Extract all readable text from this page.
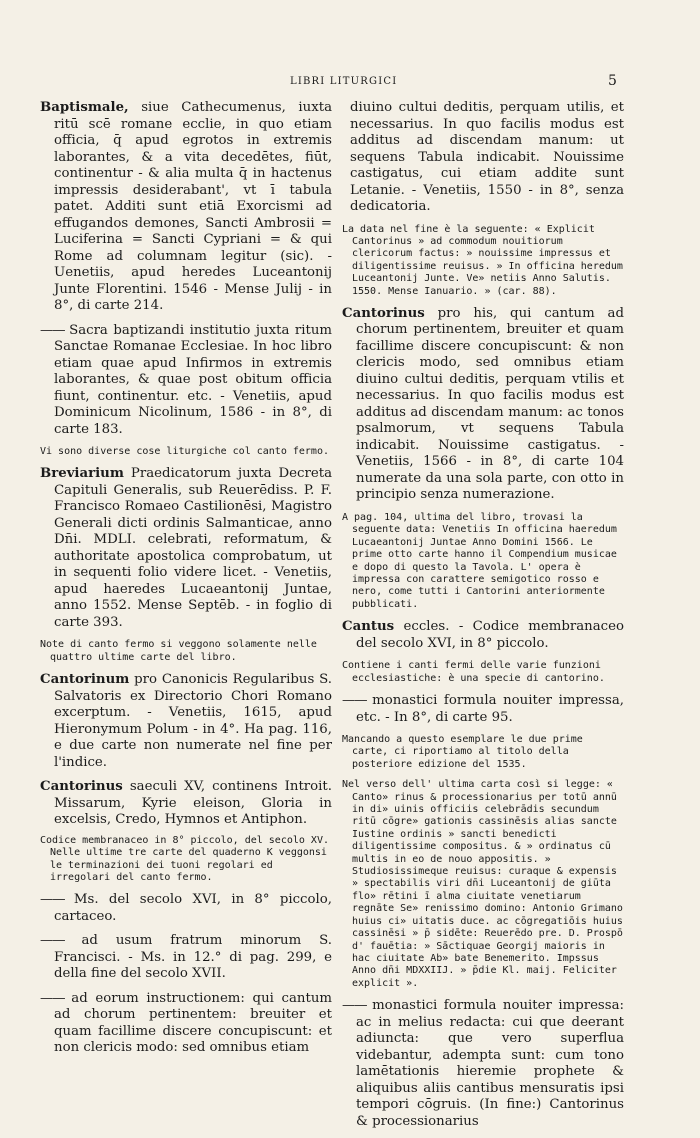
LIBRI LITURGICI	5

Baptismale, siue Cathecumenus, iuxta ritū scē romane ecclie, in quo etiam officia, q̄ apud egrotos in extremis laborantes, & a vita decedētes, fiūt, continentur - & alia multa q̄ in hactenus impressis desiderabant', vt ī tabula patet. Additi sunt etiā Exorcismi ad effugandos demones, Sancti Ambrosii = Luciferina = Sancti Cypriani = & qui Rome ad columnam legitur (sic). - Uenetiis, apud heredes Luceantonij Junte Florentini. 1546 - Mense Julij - in 8°, di carte 214.

—— Sacra baptizandi institutio juxta ritum Sanctae Romanae Ecclesiae. In hoc libro etiam quae apud Infirmos in extremis laborantes, & quae post obitum officia fiunt, continentur. etc. - Venetiis, apud Dominicum Nicolinum, 1586 - in 8°, di carte 183.

Vi sono diverse cose liturgiche col canto fermo.

Breviarium Praedicatorum juxta Decreta Capituli Generalis, sub Reuerēdiss. P. F. Francisco Romaeo Castilionēsi, Magistro Generali dicti ordinis Salmanticae, anno Dn̄i. MDLI. celebrati, reformatum, & authoritate apostolica comprobatum, ut in sequenti folio videre licet. - Venetiis, apud haeredes Lucaeantonij Juntae, anno 1552. Mense Septēb. - in foglio di carte 393.

Note di canto fermo si veggono solamente nelle quattro ultime carte del libro.

Cantorinum pro Canonicis Regularibus S. Salvatoris ex Directorio Chori Romano excerptum. - Venetiis, 1615, apud Hieronymum Polum - in 4°. Ha pag. 116, e due carte non numerate nel fine per l'indice.

Cantorinus saeculi XV, continens Introit. Missarum, Kyrie eleison, Gloria in excelsis, Credo, Hymnos et Antiphon.

Codice membranaceo in 8° piccolo, del secolo XV. Nelle ultime tre carte del quaderno K veggonsi le terminazioni dei tuoni regolari ed irregolari del canto fermo.

—— Ms. del secolo XVI, in 8° piccolo, cartaceo.

—— ad usum fratrum minorum S. Francisci. - Ms. in 12.° di pag. 299, e della fine del secolo XVII.

—— ad eorum instructionem: qui cantum ad chorum pertinentem: breuiter et quam facillime discere concupiscunt: et non clericis modo: sed omnibus etiam

diuino cultui deditis, perquam utilis, et necessarius. In quo facilis modus est additus ad discendam manum: ut sequens Tabula indicabit. Nouissime castigatus, cui etiam addite sunt Letanie. - Venetiis, 1550 - in 8°, senza dedicatoria.

La data nel fine è la seguente: « Explicit Cantorinus » ad commodum nouitiorum clericorum factus: » nouissime impressus et diligentissime reuisus. » In officina heredum Luceantonij Junte. Ve» netiis Anno Salutis. 1550. Mense Ianuario. » (car. 88).

Cantorinus pro his, qui cantum ad chorum pertinentem, breuiter et quam facillime discere concupiscunt: & non clericis modo, sed omnibus etiam diuino cultui deditis, perquam vtilis et necessarius. In quo facilis modus est additus ad discendam manum: ac tonos psalmorum, vt sequens Tabula indicabit. Nouissime castigatus. - Venetiis, 1566 - in 8°, di carte 104 numerate da una sola parte, con otto in principio senza numerazione.

A pag. 104, ultima del libro, trovasi la seguente data: Venetiis In officina haeredum Lucaeantonij Juntae Anno Domini 1566. Le prime otto carte hanno il Compendium musicae e dopo di questo la Tavola. L' opera è impressa con carattere semigotico rosso e nero, come tutti i Cantorini anteriormente pubblicati.

Cantus eccles. - Codice membranaceo del secolo XVI, in 8° piccolo.

Contiene i canti fermi delle varie funzioni ecclesiastiche: è una specie di cantorino.

—— monastici formula nouiter impressa, etc. - In 8°, di carte 95.

Mancando a questo esemplare le due prime carte, ci riportiamo al titolo della posteriore edizione del 1535.

Nel verso dell' ultima carta così si legge: « Canto» rinus & processionarius per totū annū in di» uinis officiis celebrādis secundum ritū cōgre» gationis cassinēsis alias sancte Iustine ordinis » sancti benedicti diligentissime compositus. & » ordinatus cū multis in eo de nouo appositis. » Studiosissimeque reuisus: curaque & expensis » spectabilis viri dn̄i Luceantonij de giūta flo» rētini ī alma ciuitate venetiarum regnāte Se» renissimo domino: Antonio Grimano huius ci» uitatis duce. ac cōgregatiōis huius cassinēsi » p̄ sidēte: Reuerēdo pre. D. Prospō d' fauētia: » Sāctiquae Georgij maioris in hac ciuitate Ab» bate Benemerito. Impssus Anno dn̄i MDXXIIJ. » p̄die Kl. maij. Feliciter explicit ».

—— monastici formula nouiter impressa: ac in melius redacta: cui que deerant adiuncta: que vero superflua videbantur, adempta sunt: cum tono lamētationis hieremie prophete & aliquibus aliis cantibus mensuratis ipsi tempori cōgruis. (In fine:) Cantorinus & processionarius
